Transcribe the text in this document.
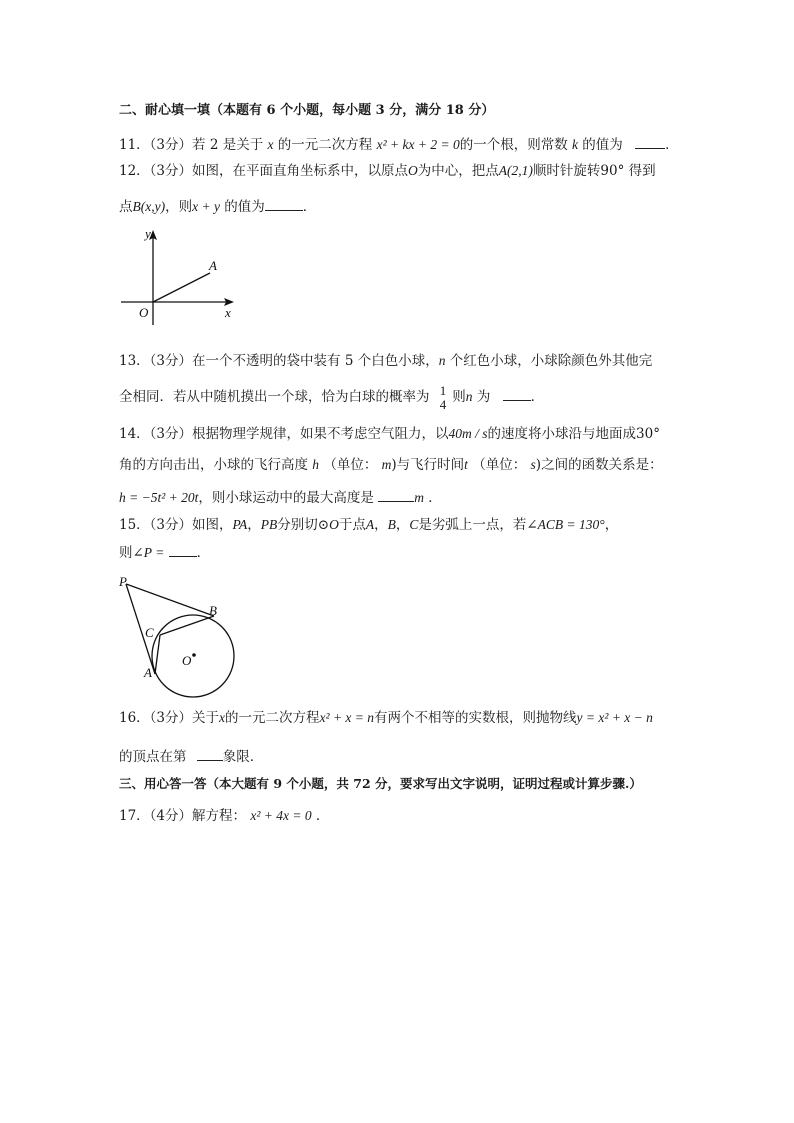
二、耐心填一填（本题有 6 个小题，每小题 3 分，满分 18 分）
11．（3分）若 2 是关于 x 的一元二次方程 x² + kx + 2 = 0的一个根，则常数 k 的值为	．
12．（3分）如图，在平面直角坐标系中，以原点O为中心，把点A(2,1)顺时针旋转90° 得到
点B(x,y)，则x + y 的值为	．
y
x
O
A
13．（3分）在一个不透明的袋中装有 5 个白色小球，n 个红色小球，小球除颜色外其他完
全相同．若从中随机摸出一个球，恰为白球的概率为 1
4 则n 为	．
14．（3分）根据物理学规律，如果不考虑空气阻力，以40m / s的速度将小球沿与地面成30°
角的方向击出，小球的飞行高度 h （单位： m)与飞行时间t （单位： s)之间的函数关系是：
h = −5t² + 20t，则小球运动中的最大高度是	m ．
15．（3分）如图，PA，PB分别切⊙O于点A，B，C是劣弧上一点，若∠ACB = 130°，
则∠P = ．
P
B
C
O
A
16．（3分）关于x的一元二次方程x² + x = n有两个不相等的实数根，则抛物线y = x² + x − n
的顶点在第	象限．
三、用心答一答（本大题有 9 个小题，共 72 分，要求写出文字说明，证明过程或计算步骤.）
17．（4分）解方程： x² + 4x = 0 ．
